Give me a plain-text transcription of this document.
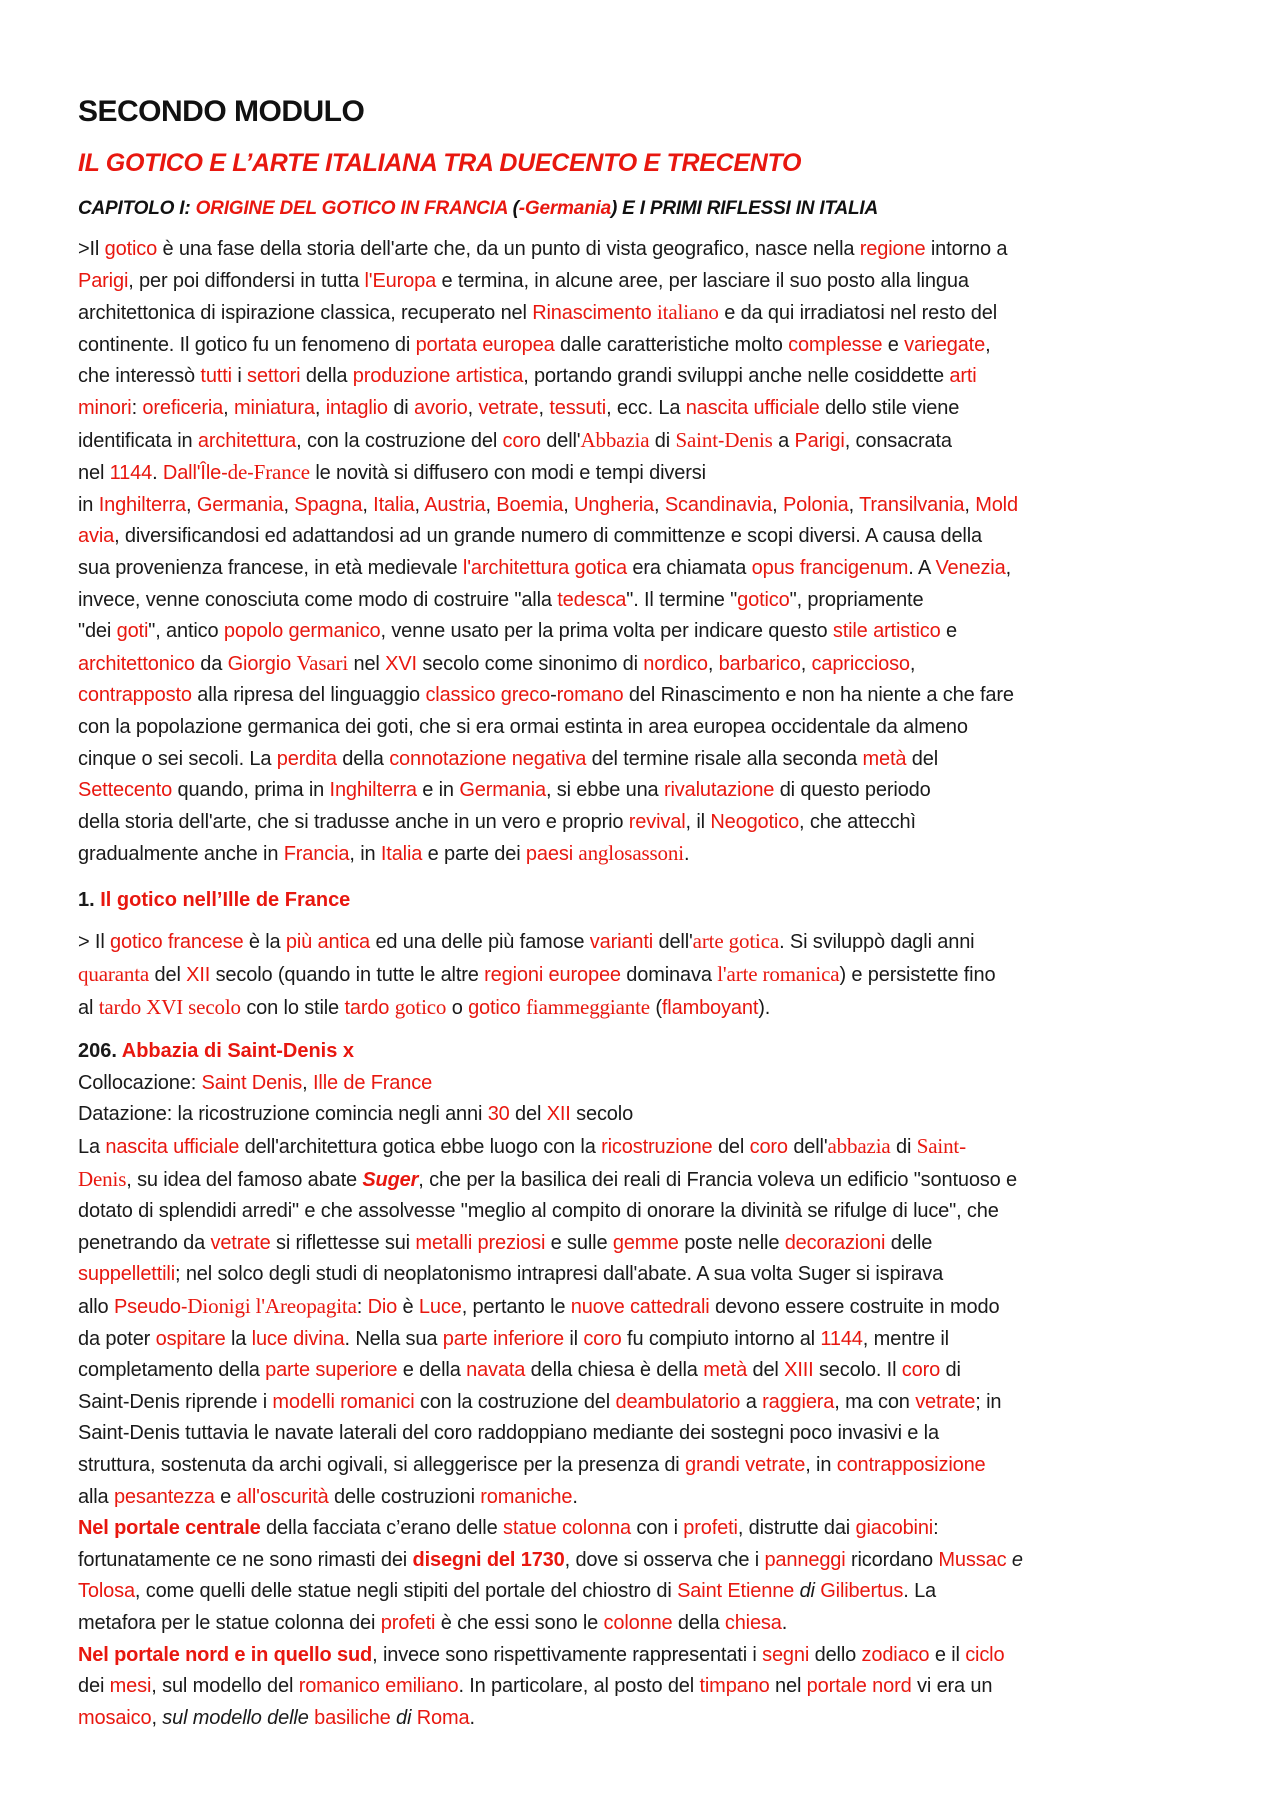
SECONDO MODULO
IL GOTICO E L’ARTE ITALIANA TRA DUECENTO E TRECENTO
CAPITOLO I: ORIGINE DEL GOTICO IN FRANCIA (-Germania) E I PRIMI RIFLESSI IN ITALIA
>Il gotico è una fase della storia dell'arte che, da un punto di vista geografico, nasce nella regione intorno a
Parigi, per poi diffondersi in tutta l'Europa e termina, in alcune aree, per lasciare il suo posto alla lingua
architettonica di ispirazione classica, recuperato nel Rinascimento italiano e da qui irradiatosi nel resto del
continente. Il gotico fu un fenomeno di portata europea dalle caratteristiche molto complesse e variegate,
che interessò tutti i settori della produzione artistica, portando grandi sviluppi anche nelle cosiddette arti
minori: oreficeria, miniatura, intaglio di avorio, vetrate, tessuti, ecc. La nascita ufficiale dello stile viene
identificata in architettura, con la costruzione del coro dell'Abbazia di Saint-Denis a Parigi, consacrata
nel 1144. Dall'Île-de-France le novità si diffusero con modi e tempi diversi
in Inghilterra, Germania, Spagna, Italia, Austria, Boemia, Ungheria, Scandinavia, Polonia, Transilvania, Mold
avia, diversificandosi ed adattandosi ad un grande numero di committenze e scopi diversi. A causa della
sua provenienza francese, in età medievale l'architettura gotica era chiamata opus francigenum. A Venezia,
invece, venne conosciuta come modo di costruire "alla tedesca". Il termine "gotico", propriamente
"dei goti", antico popolo germanico, venne usato per la prima volta per indicare questo stile artistico e
architettonico da Giorgio Vasari nel XVI secolo come sinonimo di nordico, barbarico, capriccioso,
contrapposto alla ripresa del linguaggio classico greco-romano del Rinascimento e non ha niente a che fare
con la popolazione germanica dei goti, che si era ormai estinta in area europea occidentale da almeno
cinque o sei secoli. La perdita della connotazione negativa del termine risale alla seconda metà del
Settecento quando, prima in Inghilterra e in Germania, si ebbe una rivalutazione di questo periodo
della storia dell'arte, che si tradusse anche in un vero e proprio revival, il Neogotico, che attecchì
gradualmente anche in Francia, in Italia e parte dei paesi anglosassoni.
1. Il gotico nell’Ille de France
> Il gotico francese è la più antica ed una delle più famose varianti dell'arte gotica. Si sviluppò dagli anni
quaranta del XII secolo (quando in tutte le altre regioni europee dominava l'arte romanica) e persistette fino
al tardo XVI secolo con lo stile tardo gotico o gotico fiammeggiante (flamboyant).
206. Abbazia di Saint-Denis x
Collocazione: Saint Denis, Ille de France
Datazione: la ricostruzione comincia negli anni 30 del XII secolo
La nascita ufficiale dell'architettura gotica ebbe luogo con la ricostruzione del coro dell'abbazia di Saint-
Denis, su idea del famoso abate Suger, che per la basilica dei reali di Francia voleva un edificio "sontuoso e
dotato di splendidi arredi" e che assolvesse "meglio al compito di onorare la divinità se rifulge di luce", che
penetrando da vetrate si riflettesse sui metalli preziosi e sulle gemme poste nelle decorazioni delle
suppellettili; nel solco degli studi di neoplatonismo intrapresi dall'abate. A sua volta Suger si ispirava
allo Pseudo-Dionigi l'Areopagita: Dio è Luce, pertanto le nuove cattedrali devono essere costruite in modo
da poter ospitare la luce divina. Nella sua parte inferiore il coro fu compiuto intorno al 1144, mentre il
completamento della parte superiore e della navata della chiesa è della metà del XIII secolo. Il coro di
Saint-Denis riprende i modelli romanici con la costruzione del deambulatorio a raggiera, ma con vetrate; in
Saint-Denis tuttavia le navate laterali del coro raddoppiano mediante dei sostegni poco invasivi e la
struttura, sostenuta da archi ogivali, si alleggerisce per la presenza di grandi vetrate, in contrapposizione
alla pesantezza e all'oscurità delle costruzioni romaniche.
Nel portale centrale della facciata c’erano delle statue colonna con i profeti, distrutte dai giacobini:
fortunatamente ce ne sono rimasti dei disegni del 1730, dove si osserva che i panneggi ricordano Mussac e
Tolosa, come quelli delle statue negli stipiti del portale del chiostro di Saint Etienne di Gilibertus. La
metafora per le statue colonna dei profeti è che essi sono le colonne della chiesa.
Nel portale nord e in quello sud, invece sono rispettivamente rappresentati i segni dello zodiaco e il ciclo
dei mesi, sul modello del romanico emiliano. In particolare, al posto del timpano nel portale nord vi era un
mosaico, sul modello delle basiliche di Roma.
